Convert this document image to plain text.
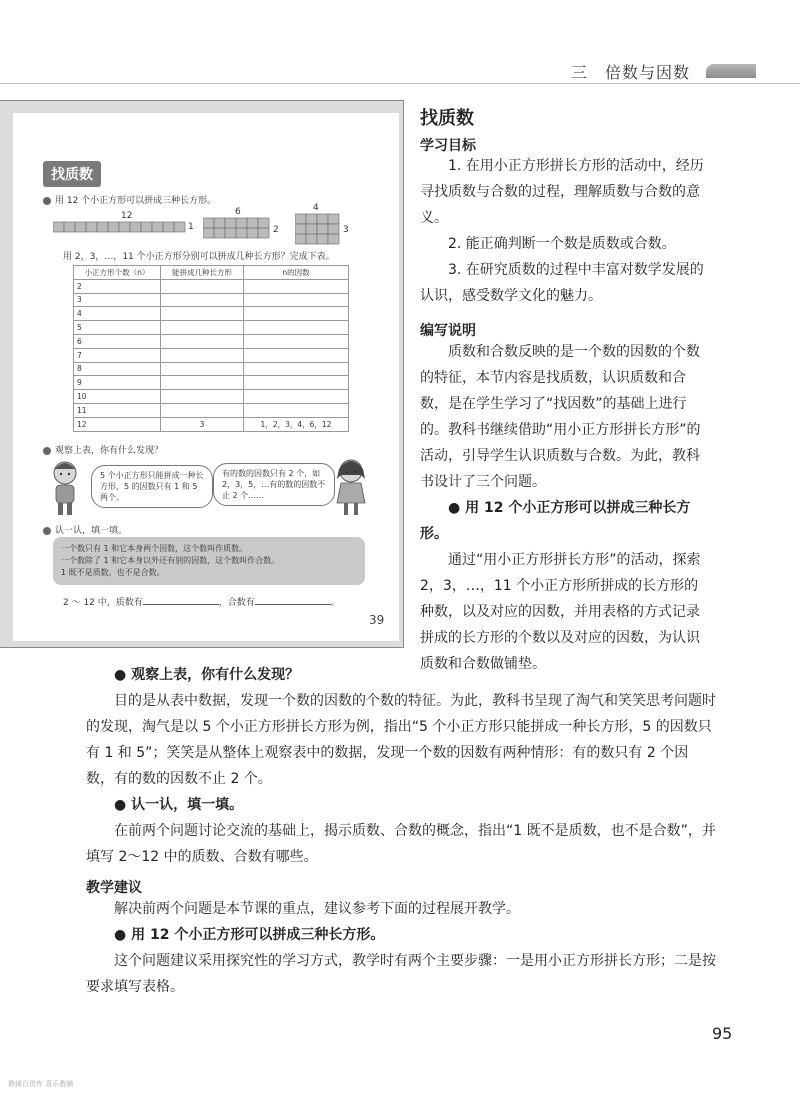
三　倍数与因数
找质数
用 12 个小正方形可以拼成三种长方形。
12
1
6
2
4
3
用 2，3，…，11 个小正方形分别可以拼成几种长方形？完成下表。
小正方形个数（n）	能拼成几种长方形	n的因数
2		
3		
4		
5		
6		
7		
8		
9		
10		
11		
12	3	1，2，3，4，6，12
观察上表，你有什么发现？
5 个小正方形只能拼成一种长方形，5 的因数只有 1 和 5 两个。
有的数的因数只有 2 个，如 2，3，5，…有的数的因数不止 2 个……
认一认，填一填。
一个数只有 1 和它本身两个因数，这个数叫作质数。
一个数除了 1 和它本身以外还有别的因数，这个数叫作合数。
1 既不是质数，也不是合数。
2 ～ 12 中，质数有	，合数有	。
39
找质数
学习目标

1. 在用小正方形拼长方形的活动中，经历寻找质数与合数的过程，理解质数与合数的意义。

2. 能正确判断一个数是质数或合数。

3. 在研究质数的过程中丰富对数学发展的认识，感受数学文化的魅力。

编写说明

质数和合数反映的是一个数的因数的个数的特征，本节内容是找质数，认识质数和合数，是在学生学习了“找因数”的基础上进行的。教科书继续借助“用小正方形拼长方形”的活动，引导学生认识质数与合数。为此，教科书设计了三个问题。

● 用 12 个小正方形可以拼成三种长方形。

通过“用小正方形拼长方形”的活动，探索 2，3，…，11 个小正方形所拼成的长方形的种数，以及对应的因数，并用表格的方式记录拼成的长方形的个数以及对应的因数，为认识质数和合数做铺垫。

● 观察上表，你有什么发现？

目的是从表中数据，发现一个数的因数的个数的特征。为此，教科书呈现了淘气和笑笑思考问题时的发现，淘气是以 5 个小正方形拼长方形为例，指出“5 个小正方形只能拼成一种长方形，5 的因数只有 1 和 5”；笑笑是从整体上观察表中的数据，发现一个数的因数有两种情形：有的数只有 2 个因数，有的数的因数不止 2 个。

● 认一认，填一填。

在前两个问题讨论交流的基础上，揭示质数、合数的概念，指出“1 既不是质数，也不是合数”，并填写 2～12 中的质数、合数有哪些。

教学建议

解决前两个问题是本节课的重点，建议参考下面的过程展开教学。

● 用 12 个小正方形可以拼成三种长方形。

这个问题建议采用探究性的学习方式，教学时有两个主要步骤：一是用小正方形拼长方形；二是按要求填写表格。

95
教辅百货库 喜乐教辅
